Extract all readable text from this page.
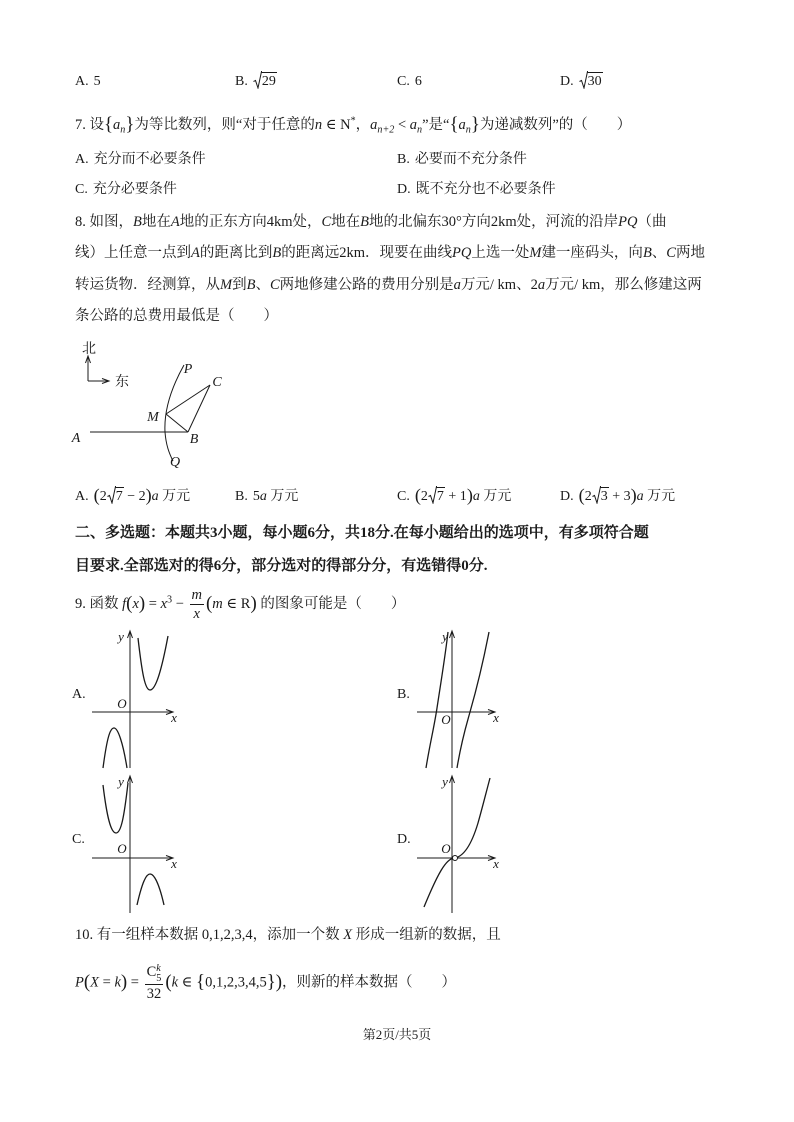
A. 5	B. 29	C. 6	D. 30
7. 设$\{a_n\}$为等比数列，则“对于任意的n ∈ N*，$a_{n+2} < a_n$”是“$\{a_n\}$为递减数列”的（　　）
A. 充分而不必要条件	B. 必要而不充分条件
C. 充分必要条件	D. 既不充分也不必要条件
8. 如图，B地在A地的正东方向4km处，C地在B地的北偏东30°方向2km处，河流的沿岸PQ（曲
线）上任意一点到A的距离比到B的距离远2km．现要在曲线PQ上选一处M建一座码头，向B、C两地
转运货物．经测算，从M到B、C两地修建公路的费用分别是a万元/ km、2a万元/ km，那么修建这两
条公路的总费用最低是（　　）
北
东
P
C
M
B
A
Q
A. (2 7 − 2)a 万元	B. 5a 万元	C. (2 7 + 1)a 万元	D. (2 3 + 3)a 万元
二、多选题：本题共3小题，每小题6分，共18分.在每小题给出的选项中，有多项符合题
目要求.全部选对的得6分，部分选对的得部分分，有选错得0分.
9. 函数 $f(x) = x^3 - \frac{m}{x} (m$ ∈ R) 的图象可能是（　　）
A.
y
x
O
B.
y
x
O
C.
y
x
O
D.
y
x
O
10. 有一组样本数据 0,1,2,3,4，添加一个数 X 形成一组新的数据，且
P(X = k) = C k
5
32 (k ∈ {0,1,2,3,4,5})，则新的样本数据（　　）
第2页/共5页
